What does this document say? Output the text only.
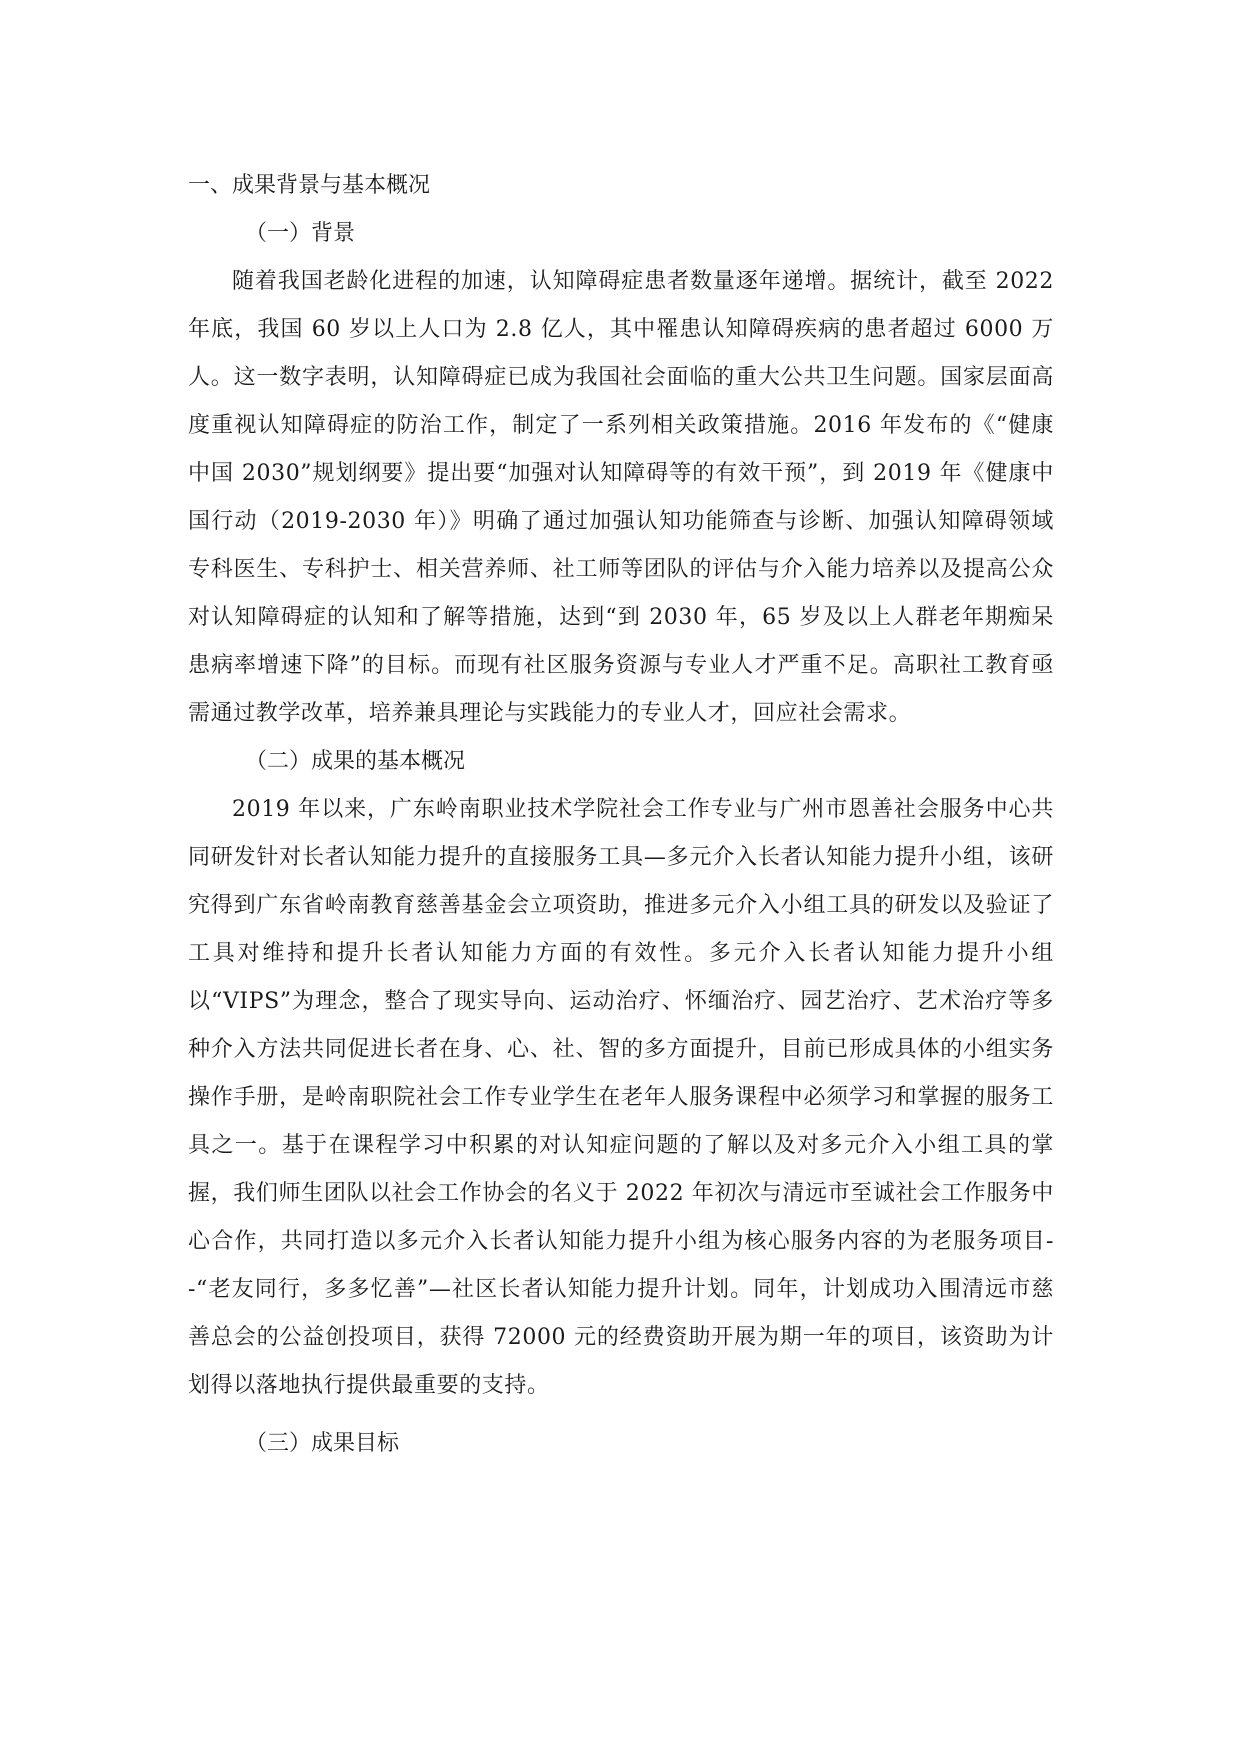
一、成果背景与基本概况
（一）背景

随着我国老龄化进程的加速，认知障碍症患者数量逐年递增。据统计，截至 2022 年底，我国 60 岁以上人口为 2.8 亿人，其中罹患认知障碍疾病的患者超过 6000 万人。这一数字表明，认知障碍症已成为我国社会面临的重大公共卫生问题。国家层面高度重视认知障碍症的防治工作，制定了一系列相关政策措施。2016 年发布的《“健康中国 2030”规划纲要》提出要“加强对认知障碍等的有效干预”，到 2019 年《健康中国行动（2019-2030 年）》明确了通过加强认知功能筛查与诊断、加强认知障碍领域专科医生、专科护士、相关营养师、社工师等团队的评估与介入能力培养以及提高公众对认知障碍症的认知和了解等措施，达到“到 2030 年，65 岁及以上人群老年期痴呆患病率增速下降”的目标。而现有社区服务资源与专业人才严重不足。高职社工教育亟需通过教学改革，培养兼具理论与实践能力的专业人才，回应社会需求。

（二）成果的基本概况

2019 年以来，广东岭南职业技术学院社会工作专业与广州市恩善社会服务中心共同研发针对长者认知能力提升的直接服务工具—多元介入长者认知能力提升小组，该研究得到广东省岭南教育慈善基金会立项资助，推进多元介入小组工具的研发以及验证了工具对维持和提升长者认知能力方面的有效性。多元介入长者认知能力提升小组以“VIPS”为理念，整合了现实导向、运动治疗、怀缅治疗、园艺治疗、艺术治疗等多种介入方法共同促进长者在身、心、社、智的多方面提升，目前已形成具体的小组实务操作手册，是岭南职院社会工作专业学生在老年人服务课程中必须学习和掌握的服务工具之一。基于在课程学习中积累的对认知症问题的了解以及对多元介入小组工具的掌握，我们师生团队以社会工作协会的名义于 2022 年初次与清远市至诚社会工作服务中心合作，共同打造以多元介入长者认知能力提升小组为核心服务内容的为老服务项目--“老友同行，多多忆善”—社区长者认知能力提升计划。同年，计划成功入围清远市慈善总会的公益创投项目，获得 72000 元的经费资助开展为期一年的项目，该资助为计划得以落地执行提供最重要的支持。

（三）成果目标
